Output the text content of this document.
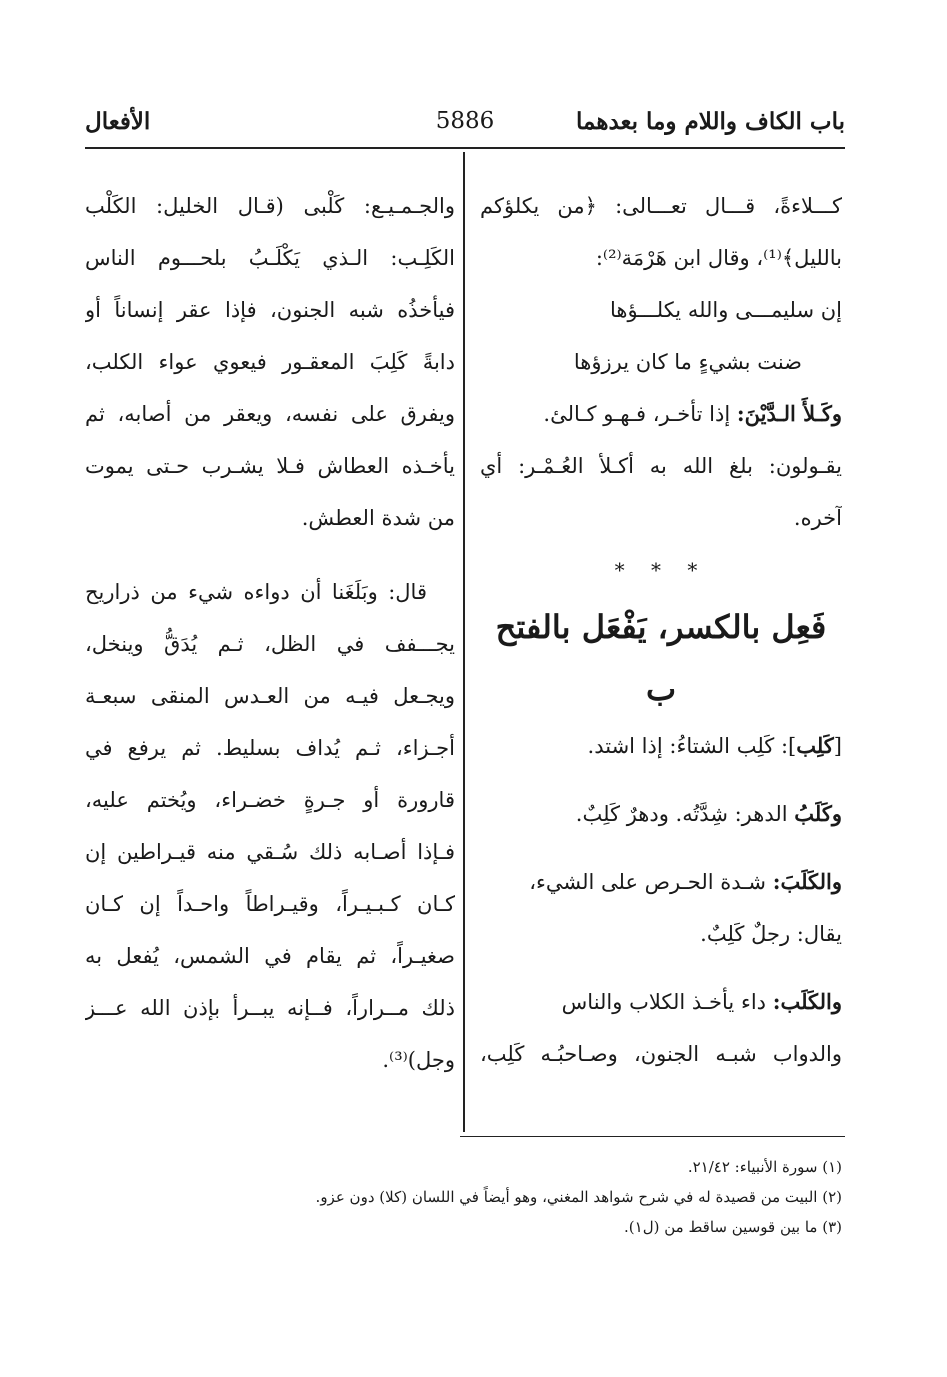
باب الكاف واللام وما بعدهما
5886
الأفعال
كـــلاءةً، قـــال تعـــالى: ﴿من يكلؤكم
بالليل﴾⁽¹⁾، وقال ابن هَرْمَة⁽²⁾:
إن سليمـــى والله يكلـــؤها
ضنت بشيءٍ ما كان يرزؤها
وكَـلأَ الـدَّيْنَ: إذا تأخـر، فـهـو كـالئ.
يقـولون: بلغ الله به أكـلأ العُـمْـر: أي
آخره.
* * *
فَعِل بالكسر، يَفْعَل بالفتح
ب
[كَلِب]: كَلِب الشتاءُ: إذا اشتد.
وكَلَبُ الدهر: شِدَّتُه. ودهرٌ كَلِبٌ.
والكَلَبَ: شـدة الحـرص على الشيء،
يقال: رجلٌ كَلِبٌ.
والكَلَب: داء يأخـذ الكلاب والناس
والدواب شبـه الجنون، وصـاحبُـه كَلِب،
والجـمـيـع: كَلْبى (قـال الخليل: الكَلْب
الكَلِـب: الـذي يَكْلَـبُ بلحـــوم الناس
فيأخذُه شبه الجنون، فإذا عقر إنساناً أو
دابةً كَلِبَ المعقـور فيعوي عواء الكلب،
ويفرق على نفسه، ويعقر من أصابه، ثم
يأخـذه العطاش فـلا يشـرب حـتى يموت
من شدة العطش.
قال: وبَلَغَنا أن دواءه شيء من ذراريح
يجـــفف في الظل، ثـم يُدَقُّ وينخل،
ويجـعل فيـه من العـدس المنقى سبعـة
أجـزاء، ثـم يُداف بسليط. ثم يرفع في
قارورة أو جـرةٍ خضـراء، ويُختم عليه،
فـإذا أصـابه ذلك سُـقي منه قيـراطين إن
كـان كـبـيـراً، وقيـراطاً واحـداً إن كـان
صغيـراً، ثم يقام في الشمس، يُفعل به
ذلك مــراراً، فــإنه يبــرأ بإذن الله عـــز
وجل)⁽³⁾.
(١) سورة الأنبياء: ٢١/٤٢.
(٢) البيت من قصيدة له في شرح شواهد المغني، وهو أيضاً في اللسان (كلا) دون عزو.
(٣) ما بين قوسين ساقط من (ل١).
